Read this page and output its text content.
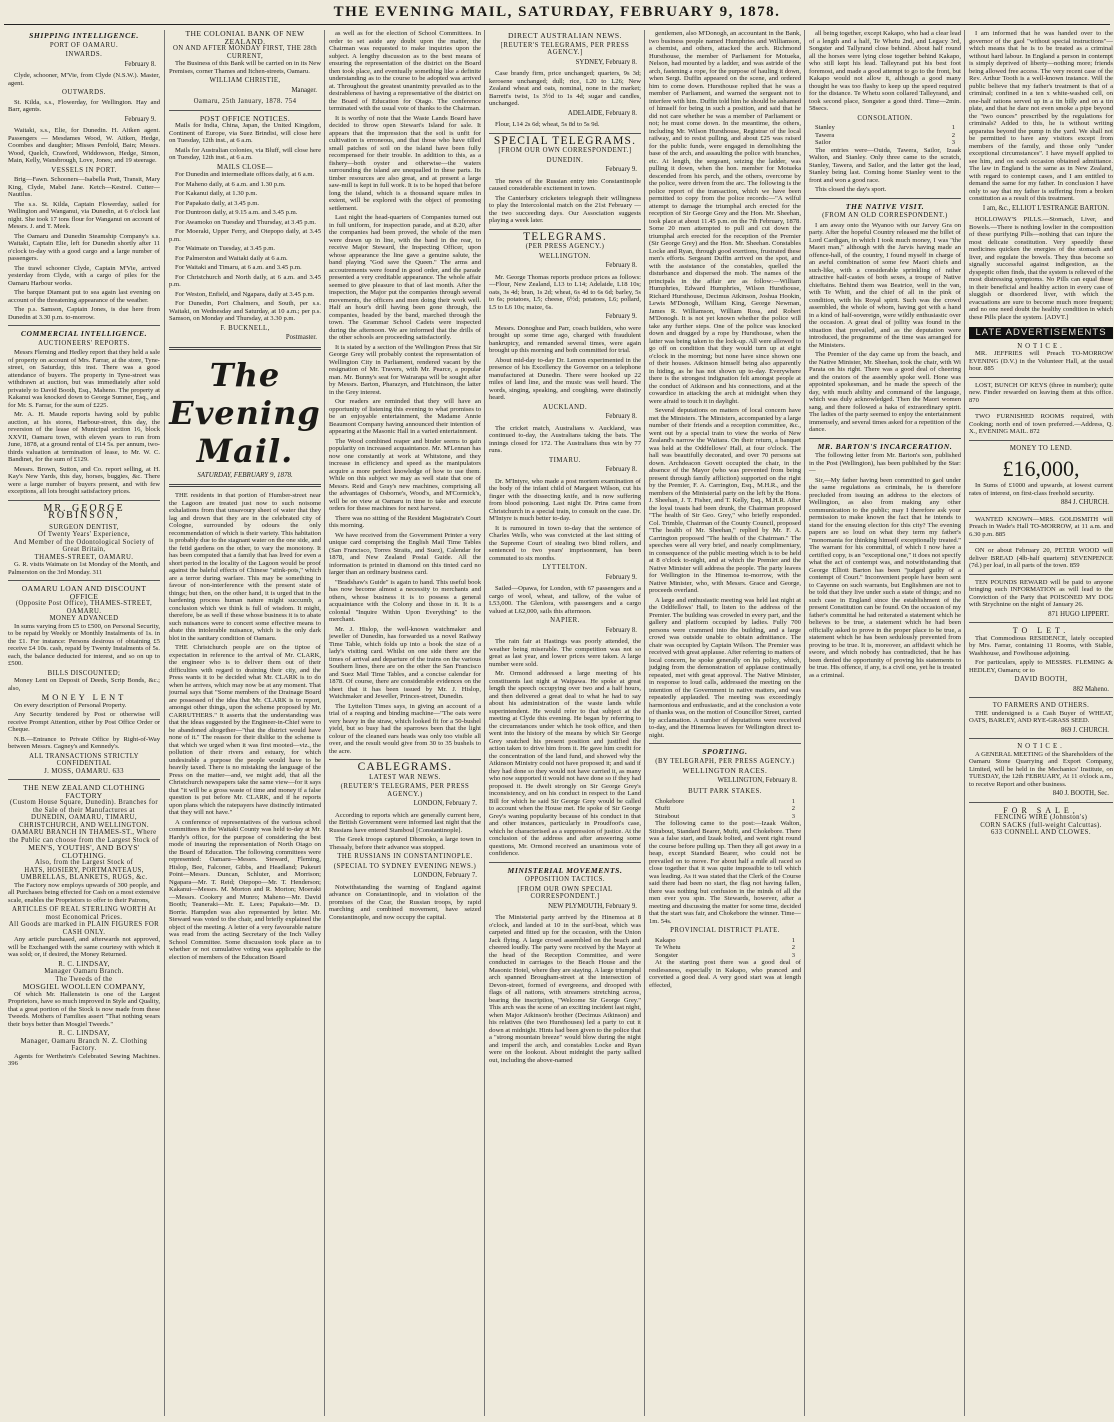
THE EVENING MAIL, SATURDAY, FEBRUARY 9, 1878.
SHIPPING INTELLIGENCE.
PORT OF OAMARU.
INWARDS.
February 8.

Clyde, schooner, M'Vie, from Clyde (N.S.W.). Master, agent.

OUTWARDS.

St. Kilda, s.s., Flowerday, for Wellington. Hay and Barr, agents.

February 9.

Waitaki, s.s., Elie, for Dunedin. H. Aitken agent. Passengers — Mesdames Wood, W. Aitken, Hedge, Coombes and daughter; Misses Penfold, Bain; Messrs. Wood, Quelch, Crawford, Widdowson, Hedge, Simon, Main, Kelly, Wansbrough, Love, Jones; and 19 steerage.

VESSELS IN PORT.

Brig—Fawn. Schooners—Isabella Pratt, Transit, Mary King, Clyde, Mabel Jane. Ketch—Kestrel. Cutter—Nautilus.

The s.s. St. Kilda, Captain Flowerday, sailed for Wellington and Wanganui, via Dunedin, at 6 o'clock last night. She took 17 tons flour for Wanganui on account of Messrs. J. and T. Meek.

The Oamaru and Dunedin Steamship Company's s.s. Waitaki, Captain Elie, left for Dunedin shortly after 11 o'clock to-day with a good cargo and a large number of passengers.

The trawl schooner Clyde, Captain M'Vie, arrived yesterday from Clyde, with a cargo of piles for the Oamaru Harbour works.

The barque Diamant put to sea again last evening on account of the threatening appearance of the weather.

The p.s. Samson, Captain Jones, is due here from Dunedin at 3.30 p.m. to-morrow.

COMMERCIAL INTELLIGENCE.
AUCTIONEERS' REPORTS.

Messrs Fleming and Hedley report that they held a sale of property on account of Mrs. Farrar, at the store, Tyne-street, on Saturday, this inst. There was a good attendance of buyers. The property in Tyne-street was withdrawn at auction, but was immediately after sold privately to David Booth, Esq., Maheno. The property at Kakanui was knocked down to George Sumner, Esq., and for Mr. S. Farrar, for the sum of £225.

Mr. A. H. Maude reports having sold by public auction, at his stores, Harbour-street, this day, the reversion of the lease of Municipal section 16, block XXVII, Oamaru town, with eleven years to run from June, 1878, at a ground rental of £14 5s. per annum, two-thirds valuation at termination of lease, to Mr. W. C. Bandinet, for the sum of £129.

Messrs. Brown, Sutton, and Co. report selling, at H. Kay's New Yards, this day, horses, buggies, &c. There were a large number of buyers present, and with few exceptions, all lots brought satisfactory prices.

MR. GEORGE ROBINSON,
SURGEON DENTIST,
Of Twenty Years' Experience,
And Member of the Odontological Society of Great Britain,
THAMES-STREET, OAMARU.

G. R. visits Waimate on 1st Monday of the Month, and Palmerston on the 3rd Monday. 311

OAMARU LOAN AND DISCOUNT OFFICE
(Opposite Post Office), THAMES-STREET, OAMARU.
MONEY ADVANCED

In sums varying from £5 to £500, on Personal Security, to be repaid by Weekly or Monthly Instalments of 1s. in the £1. For instance: Persons desirous of obtaining £5 receive £4 10s. cash, repaid by Twenty Instalments of 5s. each, the balance deducted for interest, and so on up to £500.

BILLS DISCOUNTED;

Money Lent on Deposit of Deeds, Scrip Bonds, &c.; also,

MONEY LENT

On every description of Personal Property.

Any Security tendered by Post or otherwise will receive Prompt Attention, either by Post Office Order or Cheque.

N.B.—Entrance to Private Office by Right-of-Way between Messrs. Cagney's and Kennedy's.

ALL TRANSACTIONS STRICTLY CONFIDENTIAL
J. MOSS, OAMARU. 633
THE NEW ZEALAND CLOTHING FACTORY
(Custom House Square, Dunedin). Branches for the Sale of their Manufactures at
DUNEDIN, OAMARU, TIMARU, CHRISTCHURCH, AND WELLINGTON.
OAMARU BRANCH IN THAMES-ST., Where the Public can choose from the Largest Stock of
MEN'S, YOUTHS', AND BOYS' CLOTHING.
Also, from the Largest Stock of
HATS, HOSIERY, PORTMANTEAUS, UMBRELLAS, BLANKETS, RUGS, &c.

The Factory now employs upwards of 300 people, and all Purchases being effected for Cash on a most extensive scale, enables the Proprietors to offer to their Patrons,

ARTICLES OF REAL STERLING WORTH At most Economical Prices.
All Goods are marked in PLAIN FIGURES FOR CASH ONLY.

Any article purchased, and afterwards not approved, will be Exchanged with the same courtesy with which it was sold; or, if desired, the Money Returned.

R. C. LINDSAY,
Manager Oamaru Branch.
The Tweeds of the
MOSGIEL WOOLLEN COMPANY,

Of which Mr. Hallenstein is one of the Largest Proprietors, have so much improved in Style and Quality, that a great portion of the Stock is now made from these Tweeds. Mothers of Families assert "That nothing wears their boys better than Mosgiel Tweeds."

R. C. LINDSAY,
Manager, Oamaru Branch N. Z. Clothing Factory.

Agents for Wertheim's Celebrated Sewing Machines. 396

THE COLONIAL BANK OF NEW ZEALAND.
ON AND AFTER MONDAY FIRST, THE 28th CURRENT,

The Business of this Bank will be carried on in its New Premises, corner Thames and Itchen-streets, Oamaru.

WILLIAM CHRISTIE,
Manager.
Oamaru, 25th January, 1878. 754
POST OFFICE NOTICES.

Mails for India, China, Japan, the United Kingdom, Continent of Europe, via Suez Brindisi, will close here on Tuesday, 12th inst., at 6 a.m.

Mails for Australian colonies, via Bluff, will close here on Tuesday, 12th inst., at 6 a.m.

MAILS CLOSE—

For Dunedin and intermediate offices daily, at 6 a.m.

For Maheno daily, at 6 a.m. and 1.30 p.m.

For Kakanui daily, at 1.30 p.m.

For Papakaio daily, at 3.45 p.m.

For Duntroon daily, at 9.15 a.m. and 3.45 p.m.

For Awamoko on Tuesday and Thursday, at 3.45 p.m.

For Moeraki, Upper Ferry, and Otepopo daily, at 3.45 p.m.

For Waimate on Tuesday, at 3.45 p.m.

For Palmerston and Waitaki daily at 6 a.m.

For Waitaki and Timaru, at 6 a.m. and 3.45 p.m.

For Christchurch and North daily, at 6 a.m. and 3.45 p.m.

For Weston, Enfield, and Ngapara, daily at 3.45 p.m.

For Dunedin, Port Chalmers, and South, per s.s. Waitaki, on Wednesday and Saturday, at 10 a.m.; per p.s. Samson, on Monday and Thursday, at 3.30 p.m.

F. BUCKNELL,
Postmaster.
The Evening Mail.
SATURDAY, FEBRUARY 9, 1878.

THE residents in that portion of Humber-street near the Lagoon are treated just now to such noisome exhalations from that unsavoury sheet of water that they lag and drown that they are in the celebrated city of Cologne, surrounded by odours the only recommendation of which is their variety. This habitation is probably due to the stagnant water on the one side, and the fetid gardens on the other, to vary the monotony. It has been computed that a family that has lived for even a short period in the locality of the Lagoon would be proof against the baleful effects of Chinese "stink-pots," which are a terror during warfare. This may be something in favour of non-interference with the present state of things; but then, on the other hand, it is urged that in the hardening process human nature might succumb, a conclusion which we think is full of wisdom. It might, therefore, be as well if these whose business it is to abate such nuisances were to concert some effective means to abate this intolerable nuisance, which is the only dark blot in the sanitary condition of Oamaru.

THE Christchurch people are on the tiptoe of expectation in reference to the arrival of Mr. CLARK, the engineer who is to deliver them out of their difficulties with regard to draining their city, and the Press wants it to be decided what Mr. CLARK is to do when he arrives, which may now be at any moment. That journal says that "Some members of the Drainage Board are possessed of the idea that Mr. CLARK is to report, amongst other things, upon the scheme proposed by Mr. CARRUTHERS." It asserts that the understanding was that the ideas suggested by the Engineer-in-Chief were to be abandoned altogether—"that the district would have none of it." The reason for their dislike to the scheme is that which we urged when it was first mooted—viz., the pollution of their rivers and estuary, for which undesirable a purpose the people would have to be heavily taxed. There is no mistaking the language of the Press on the matter—and, we might add, that all the Christchurch newspapers take the same view—for it says that "it will be a gross waste of time and money if a false question is put before Mr. CLARK, and if he reports upon plans which the ratepayers have distinctly intimated that they will not have."

A conference of representatives of the various school committees in the Waitaki County was held to-day at Mr. Hardy's office, for the purpose of considering the best mode of insuring the representation of North Otago on the Board of Education. The following committees were represented: Oamaru—Messrs. Steward, Fleming, Hislop, Bee, Falconer, Gibbs, and Headland; Pukeuri Point—Messrs. Duncan, Schluter, and Morrison; Ngapara—Mr. T. Reid; Otepopo—Mr. T. Henderson; Kakanui—Messrs. M. Morton and R. Morton; Moeraki—Messrs. Cookery and Munro; Maheno—Mr. David Booth; Teaneraki—Mr. E. Lees; Papakaio—Mr. D. Borrie. Hampden was also represented by letter. Mr. Steward was voted to the chair, and briefly explained the object of the meeting. A letter of a very favourable nature was read from the acting Secretary of the Inch Valley School Committee. Some discussion took place as to whether or not cumulative voting was applicable to the election of members of the Education Board

as well as for the election of School Committees. In order to set aside any doubt upon the matter, the Chairman was requested to make inquiries upon the subject. A lengthy discussion as to the best means of ensuring the representation of the district on the Board then took place, and eventually something like a definite understanding as to the course to be adopted was arrived at. Throughout the greatest unanimity prevailed as to the desirableness of having a representative of the district on the Board of Education for Otago. The conference terminated with the usual vote of thanks to the Chairman.

It is worthy of note that the Waste Lands Board have decided to throw open Stewart's Island for sale. It appears that the impression that the soil is unfit for cultivation is erroneous, and that those who have tilled small patches of soil on the island have been fully recompensed for their trouble. In addition to this, as a fishery—both oyster and otherwise—the waters surrounding the island are unequalled in these parts. Its timber resources are also great, and at present a large saw-mill is kept in full work. It is to be hoped that before long the island, which is a thousand square miles in extent, will be explored with the object of promoting settlement.

Last night the head-quarters of Companies turned out in full uniform, for inspection parade, and at 8.20, after the companies had been proved, the whole of the men were drawn up in line, with the band in the rear, to receive Major Steward, the Inspecting Officer, upon whose appearance the line gave a genuine salute, the band playing "God save the Queen." The arms and accoutrements were found in good order, and the parade presented a very creditable appearance. The whole affair seemed to give pleasure to that of last month. After the inspection, the Major put the companies through several movements, the officers and men doing their work well. Half an hour's drill having been gone through, the companies, headed by the band, marched through the town. The Grammar School Cadets were inspected during the afternoon. We are informed that the drills of the other schools are proceeding satisfactorily.

It is stated by a section of the Wellington Press that Sir George Grey will probably contest the representation of Wellington City in Parliament, rendered vacant by the resignation of Mr. Travers, with Mr. Pearce, a popular man. Mr. Bunny's seat for Wairarapa will be sought after by Messrs. Barton, Pharazyn, and Hutchinson, the latter in the Grey interest.

Our readers are reminded that they will have an opportunity of listening this evening to what promises to be an enjoyable entertainment, the Madame Annie Beaumont Company having announced their intention of appearing at the Masonic Hall in a varied entertainment.

The Wood combined reaper and binder seems to gain popularity on increased acquaintance. Mr. M'Lennan has now one constantly at work at Whitstone, and they increase in efficiency and speed as the manipulators acquire a more perfect knowledge of how to use them. While on this subject we may as well state that one of Messrs. Reid and Gray's new machines, comprising all the advantages of Osborne's, Wood's, and M'Cormick's, will be on view at Oamaru in time to take and execute orders for these machines for next harvest.

There was no sitting of the Resident Magistrate's Court this morning.

We have received from the Government Printer a very unique card comprising the English Mail Time Tables (San Francisco, Torres Straits, and Suez), Calendar for 1878, and New Zealand Postal Guide. All the information is printed in diamond on this tinted card no larger than an ordinary business card.

"Bradshaw's Guide" is again to hand. This useful book has now become almost a necessity to merchants and others, whose business it is to possess a general acquaintance with the Colony and those in it. It is a colonial "Inquire Within Upon Everything" to the merchant.

Mr. J. Hislop, the well-known watchmaker and jeweller of Dunedin, has forwarded us a novel Railway Time Table, which folds up into a book the size of a lady's visiting card. Whilst on one side there are the times of arrival and departure of the trains on the various Southern lines, there are on the other the San Francisco and Suez Mail Time Tables, and a concise calendar for 1878. Of course, there are considerable evidences on the sheet that it has been issued by Mr. J. Hislop, Watchmaker and Jeweller, Princes-street, Dunedin.

The Lyttelton Times says, in giving an account of a trial of a reaping and binding machine—"The oats were very heavy in the straw, which looked fit for a 50-bushel yield, but so busy had the sparrows been that the light colour of the cleaned ears heads was only too visible all over, and the result would give from 30 to 35 bushels to the acre.

CABLEGRAMS.
LATEST WAR NEWS.
(REUTER'S TELEGRAMS, PER PRESS AGENCY.)
LONDON, February 7.

According to reports which are generally current here, the British Government were informed last night that the Russians have entered Stamboul [Constantinople].

The Greek troops captured Dhomoko, a large town in Thessaly, before their advance was stopped.

THE RUSSIANS IN CONSTANTINOPLE.
(SPECIAL TO SYDNEY EVENING NEWS.)
LONDON, February 7.

Notwithstanding the warning of England against advance on Constantinople, and in violation of the promises of the Czar, the Russian troops, by rapid marching and combined movement, have seized Constantinople, and now occupy the capital.

DIRECT AUSTRALIAN NEWS.
[REUTER'S TELEGRAMS, PER PRESS AGENCY.]
SYDNEY, February 8.

Case brandy firm, price unchanged; quarters, 9s 3d; kerosene unchanged; dull; rice, L20 to L26; New Zealand wheat and oats, nominal, none in the market; Barrett's twist, 1s 3½d to 1s 4d; sugar and candles, unchanged.

ADELAIDE, February 8.

Flour, L14 2s 6d; wheat, 5s 8d to 5s 9d.

SPECIAL TELEGRAMS.
[FROM OUR OWN CORRESPONDENT.]
DUNEDIN.
February 9.

The news of the Russian entry into Constantinople caused considerable excitement in town.

The Canterbury cricketers telegraph their willingness to play the Intercolonial match on the 21st February — the two succeeding days. Our Association suggests playing a week later.

TELEGRAMS.
(PER PRESS AGENCY.)
WELLINGTON.
February 8.

Mr. George Thomas reports produce prices as follows:—Flour, New Zealand, L13 to L14; Adelaide, L18 10s; oats, 3s 4d; bran, 1s 2d; wheat, 6s 4d to 6s 6d; barley, 5s to 6s; potatoes, L5; cheese, 6½d; potatoes, L6; pollard, L5 to L6 10s; maize, 6s.

February 9.

Messrs. Donoghue and Parr, coach builders, who were brought up some time ago, charged with fraudulent bankruptcy, and remanded several times, were again brought up this morning and both committed for trial.

About mid-day to-day Dr. Lemon experimented in the presence of his Excellency the Governor on a telephone manufactured at Dunedin. There were hooked up 22 miles of land line, and the music was well heard. The words, singing, speaking, and coughing, were distinctly heard.

AUCKLAND.
February 8.

The cricket match, Australians v. Auckland, was continued to-day, the Australians taking the bats. The innings closed for 172. The Australians thus win by 77 runs.

TIMARU.
February 8.

Dr. M'Intyre, who made a post mortem examination of the body of the infant child of Margaret Wilson, cut his finger with the dissecting knife, and is now suffering from blood poisoning. Last night Dr. Prins came from Christchurch in a special train, to consult on the case. Dr. M'Intyre is much better to-day.

It is rumoured in town to-day that the sentence of Charles Wells, who was convicted at the last sitting of the Supreme Court of stealing two blind rollers, and sentenced to two years' imprisonment, has been commuted to six months.

LYTTELTON.
February 9.

Sailed—Opawa, for London, with 67 passengers and a cargo of wool, wheat, and tallow, of the value of L53,000. The Glenlora, with passengers and a cargo valued at L62,000, sails this afternoon.

NAPIER.
February 8.

The rain fair at Hastings was poorly attended, the weather being miserable. The competition was not so great as last year, and lower prices were taken. A large number were sold.

Mr. Ormond addressed a large meeting of his constituents last night at Waipawa. He spoke at great length the speech occupying over two and a half hours, and then delivered a great deal to what he had to say about his administration of the waste lands while superintendent. He would refer to that subject at the meeting at Clyde this evening. He began by referring to the circumstances under which he took office, and then went into the history of the means by which Sir George Grey snatched his present position and justified the action taken to drive him from it. He gave him credit for the concentration of the land fund, and showed why the Atkinson Ministry could not have proposed it; and said if they had done so they would not have carried it, as many who now supported it would not have done so if they had proposed it. He dwelt strongly on Sir George Grey's inconsistency, and on his conduct in respect to the Land Bill for which he said Sir George Grey would be called to account when the House met. He spoke of Sir George Grey's waning popularity because of his conduct in that and other instances, particularly in Proudfoot's case, which he characterised as a suppression of justice. At the conclusion of the address and after answering some questions, Mr. Ormond received an unanimous vote of confidence.

MINISTERIAL MOVEMENTS.
OPPOSITION TACTICS.
[FROM OUR OWN SPECIAL CORRESPONDENT.]
NEW PLYMOUTH, February 9.

The Ministerial party arrived by the Hinemoa at 8 o'clock, and landed at 10 in the surf-boat, which was carpeted and fitted up for the occasion, with the Union Jack flying. A large crowd assembled on the beach and cheered loudly. The party were received by the Mayor at the head of the Reception Committee, and were conducted in carriages to the Beach House and the Masonic Hotel, where they are staying. A large triumphal arch spanned Brougham-street at the intersection of Devon-street, formed of evergreens, and drooped with flags of all nations, with streamers stretching across, bearing the inscription, "Welcome Sir George Grey." This arch was the scene of an exciting incident last night, when Major Atkinson's brother (Decimus Atkinson) and his relatives (the two Hursthouses) led a party to cut it down at midnight. Hints had been given to the police that a "strong mountain breeze" would blow during the night and imperil the arch, and constables Locke and Ryan were on the lookout. About midnight the party sallied out, including the above-named

gentlemen, also M'Donogh, an accountant in the Bank, two business people named Humphries and Williamson, a chemist, and others, attacked the arch. Richmond Hursthouse, the member of Parliament for Motueka, Nelson, had mounted by a ladder, and was astride of the arch, fastening a rope, for the purpose of hauling it down, when Sergt. Duffin appeared on the scene, and ordered him to come down. Hursthouse replied that he was a member of Parliament, and warned the sergeant not to interfere with him. Duffin told him he should be ashamed of himself for being in such a position, and said that he did not care whether he was a member of Parliament or not; he must come down. In the meantime, the others, including Mr. Wilson Hursthouse, Registrar of the local railway, and to resist pulling, and about £25 was raised for the public funds, were engaged in demolishing the base of the arch, and assaulting the police with branches, etc. At length, the sergeant, seizing the ladder, was pulling it down, when the hon. member for Motueka descended from his perch, and the others, overcome by the police, were driven from the arc. The following is the police report of the transaction, which we have been permitted to copy from the police records:—"A wilful attempt to damage the triumphal arch erected for the reception of Sir George Grey and the Hon. Mr. Sheehan, took place at about 11.45 p.m. on the 7th February, 1878. Some 20 men attempted to pull and cut down the triumphal arch erected for the reception of the Premier (Sir George Grey) and the Hon. Mr. Sheehan. Constables Locke and Ryan, through good exertions, frustrated these men's efforts. Sergeant Duffin arrived on the spot, and with the assistance of the constables, quelled the disturbance and dispersed the mob. The names of the principals in the affair are as follow:—William Humphries, Edward Humphries, Wilson Hursthouse, Richard Hursthouse, Decimus Atkinson, Joshua Hookin, Lewis M'Donogh, William King, George Newman, James R. Williamson, William Ross, and Robert M'Donogh. It is not yet known whether the police will take any further steps. One of the police was knocked down and dragged by a rope by Hursthouse, when the latter was being taken to the lock-up. All were allowed to go off on condition that they would turn up at eight o'clock in the morning; but none have since shown one of their houses. Atkinson himself being also apparently in hiding, as he has not shown up to-day. Everywhere there is the strongest indignation felt amongst people at the conduct of Atkinson and his connections, and at the cowardice in attacking the arch at midnight when they were afraid to touch it in daylight.

Several deputations on matters of local concern have met the Ministers. The Ministers, accompanied by a large number of their friends and a reception committee, &c., went out by a special train to view the works of New Zealand's narrow the Waitara. On their return, a banquet was held at the Oddfellows' Hall, at four o'clock. The hall was beautifully decorated, and over 70 persons sat down. Archdeacon Govett occupied the chair, in the absence of the Mayor (who was prevented from being present through family affliction) supported on the right by the Premier, F. A. Carrington, Esq., M.H.R., and the members of the Ministerial party on the left by the Hons. J. Sheehan, J. T. Fisher, and T. Kelly, Esq., M.H.R. After the loyal toasts had been drunk, the Chairman proposed "The health of Sir Geo. Grey," who briefly responded. Col. Trimble, Chairman of the County Council, proposed "The health of Mr. Sheehan," replied by Mr. F. A. Carrington proposed "The health of the Chairman." The speeches were all very brief, and nearly complimentary, in consequence of the public meeting which is to be held at 8 o'clock to-night, and at which the Premier and the Native Minister will address the people. The party leaves for Wellington in the Hinemoa to-morrow, with the Native Minister, who, with Messrs. Grace and George, proceeds overland.

A large and enthusiastic meeting was held last night at the Oddfellows' Hall, to listen to the address of the Premier. The building was crowded in every part, and the gallery and platform occupied by ladies. Fully 700 persons were crammed into the building, and a large crowd was outside unable to obtain admittance. The chair was occupied by Captain Wilson. The Premier was received with great applause. After referring to matters of local concern, he spoke generally on his policy, which, judging from the demonstration of applause continually repeated, met with great approval. The Native Minister, in response to loud calls, addressed the meeting on the intention of the Government in native matters, and was repeatedly applauded. The meeting was exceedingly harmonious and enthusiastic, and at the conclusion a vote of thanks was, on the motion of Councillor Street, carried by acclamation. A number of deputations were received to-day, and the Hinemoa leaves for Wellington direct to-night.

SPORTING.
(BY TELEGRAPH, PER PRESS AGENCY.)
WELLINGTON RACES.
WELLINGTON, February 8.
BUTT PARK STAKES.
Chokebore	1
Mufti	2
Stirabout	3

The following came to the post:—Izaak Walton, Stirabout, Standard Bearer, Mufti, and Chokebore. There was a false start, and Izaak bolted, and went right round the course before pulling up. Then they all got away in a heap, except Standard Bearer, who could not be prevailed on to move. For about half a mile all raced so close together that it was quite impossible to tell which was leading. As it was stated that the Clerk of the Course said there had been no start, the flag not having fallen, there was nothing but confusion in the minds of all the men ever you spin. The Stewards, however, after a meeting and discussing the matter for some time, decided that the start was fair, and Chokebore the winner. Time—1m. 54s.

PROVINCIAL DISTRICT PLATE.
Kakapo	1
Te Whetu	2
Songster	3

At the starting post there was a good deal of restlessness, especially in Kakapo, who pranced and corvetted a good deal. A very good start was at length effected,

all being together, except Kakapo, who had a clear lead of a length and a half, Te Whetu 2nd, and Legacy 3rd, Songster and Tallyrand close behind. About half round all the horses were lying close together behind Kakapo, who still kept his lead. Talleyrand put his best foot foremost, and made a good attempt to go to the front, but Kakapo would not allow it, although a good many thought he was too flashy to keep up the speed required for the distance. Te Whetu soon collared Talleyrand, and took second place, Songster a good third. Time—2min. 58secs.

CONSOLATION.
Stanley	1
Tawera	2
Sailor	3

The entries were—Ouida, Tawera, Sailor, Izaak Walton, and Stanley. Only three came to the scratch, Stanley, Tawera, and Sailor, and the latter got the lead, Stanley being last. Coming home Stanley went to the front and won a good race.

This closed the day's sport.

THE NATIVE VISIT.
(FROM AN OLD CORRESPONDENT.)

I am away onto the Wyanoo with our Jarvey Gra on party. After the hopeful Country released me the billet of Lord Cardigan, in which I took much money, I was "the Maori man," although with the Jarvis having made an offence-hall, of the country, I found myself in charge of an awful combination of some few Maori chiefs and such-like, with a considerable sprinkling of rather attractive half-castes of both sexes, a troupe of Native chieftains. Behind them was Beatrice, well in the van, with Te Whiti, and the chief of all in the pink of condition, with his Royal spirit. Such was the crowd assembled, the whole of whom, having got with a hand in a kind of half-sovereign, were wildly enthusiastic over the occasion. A great deal of jollity was found in the situation that prevailed, and as the deputation were introduced, the programme of the time was arranged for the Ministers.

The Premier of the day came up from the beach, and the Native Minister, Mr. Sheehan, took the chair, with Wi Parata on his right. There was a good deal of cheering and the orators of the assembly spoke well. Hone was appointed spokesman, and he made the speech of the day, with much ability and command of the language, which was duly acknowledged. Then the Maori women sang, and there followed a haka of extraordinary spirit. The ladies of the party seemed to enjoy the entertainment immensely, and several times asked for a repetition of the dance.

MR. BARTON'S INCARCERATION.

The following letter from Mr. Barton's son, published in the Post (Wellington), has been published by the Star:—

Sir,—My father having been committed to gaol under the same regulations as criminals, he is therefore precluded from issuing an address to the electors of Wellington, as also from making any other communication to the public; may I therefore ask your permission to make known the fact that he intends to stand for the ensuing election for this city? The evening papers are so loud on what they term my father's "monomania for thinking himself exceptionally treated." The warrant for his committal, of which I now have a certified copy, is an "exceptional one," it does not specify what the act of contempt was, and notwithstanding that George Elliott Barton has been "judged guilty of a contempt of Court." Inconvenient people have been sent to Cayenne on such warrants, but Englishmen are not to be told that they live under such a state of things; and no such case in England since the establishment of the present Constitution can be found. On the occasion of my father's committal he had reiterated a statement which he believes to be true, a statement which he had been officially asked to prove in the proper place to be true, a statement which he has been sedulously prevented from proving to be true. It is, moreover, an affidavit which he swore, and which nobody has contradicted, that he has been denied the opportunity of proving his statements to be true. His offence, if any, is a civil one, yet he is treated as a criminal.

I am informed that he was handed over to the governor of the gaol "without special instructions"—which means that he is to be treated as a criminal without hard labour. In England a person in contempt is simply deprived of liberty—nothing more; friends being allowed free access. The very recent case of the Rev. Arthur Tooth is a well-known instance. Will the public believe that my father's treatment is that of a criminal; confined in a ten x white-washed cell, on one-half rations served up in a tin billy and on a tin plate, and that he dare not even smoke a pipe beyond the "two ounces" prescribed by the regulations for criminals? Added to this, he is without writing apparatus beyond the pump in the yard. We shall not be permitted to have any visitors except from members of the family, and those only "under exceptional circumstances". I have myself applied to see him, and on each occasion obtained admittance. The law in England is the same as in New Zealand, with regard to contempt cases, and I am entitled to demand the same for my father. In conclusion I have only to say that my father is suffering from a broken constitution as a result of this treatment.

I am, &c., ELLIOT L'ESTRANGE BARTON.

HOLLOWAY'S PILLS.—Stomach, Liver, and Bowels.—There is nothing lowlier in the composition of these purifying Pills—nothing that can injure the most delicate constitution. Very speedily these medicines quicken the energies of the stomach and liver, and regulate the bowels. They thus become so signally successful against indigestion, as the dyspeptic often finds, that the system is relieved of the most distressing symptoms. No Pills can equal these in their beneficial and healthy action in every case of sluggish or disordered liver, with which the evacuations are sure to become much more frequent; and no one need doubt the healthy condition in which these Pills place the system. [ADVT.]

LATE ADVERTISEMENTS
NOTICE.

MR. JEFFRIES will Preach TO-MORROW EVENING (D.V.) in the Volunteer Hall, at the usual hour. 885

LOST, BUNCH OF KEYS (three in number); quite new. Finder rewarded on leaving them at this office. 870

TWO FURNISHED ROOMS required, with Cooking; north end of town preferred.—Address, Q. X., EVENING MAIL. 872

MONEY TO LEND.
£16,000,

In Sums of £1000 and upwards, at lowest current rates of interest, on first-class freehold security.

884 J. CHURCH.

WANTED KNOWN—MRS. GOLDSMITH will Preach in Wade's Hall TO-MORROW, at 11 a.m. and 6.30 p.m. 885

ON or about February 20, PETER WOOD will deliver BREAD (4lb-half quartern) SEVENPENCE (7d.) per loaf, in all parts of the town. 859

TEN POUNDS REWARD will be paid to anyone bringing such INFORMATION as will lead to the Conviction of the Party that POISONED MY DOG with Strychnine on the night of January 26.

871 HUGO LIPPERT.
TO LET.

That Commodious RESIDENCE, lately occupied by Mrs. Farrar, containing 11 Rooms, with Stable, Washhouse, and Fowlhouse adjoining.

For particulars, apply to MESSRS. FLEMING & HEDLEY, Oamaru; or to

DAVID BOOTH,
882 Maheno.
TO FARMERS AND OTHERS.

THE undersigned is a Cash Buyer of WHEAT, OATS, BARLEY, AND RYE-GRASS SEED.

869 J. CHURCH.
NOTICE.

A GENERAL MEETING of the Shareholders of the Oamaru Stone Quarrying and Export Company, Limited, will be held in the Mechanics' Institute, on TUESDAY, the 12th FEBRUARY, At 11 o'clock a.m., to receive Report and other business.

840 J. BOOTH, Sec.
FOR SALE,
FENCING WIRE (Johnston's)
CORN SACKS (full-weight Calcuttas).
633 CONNELL AND CLOWES.
